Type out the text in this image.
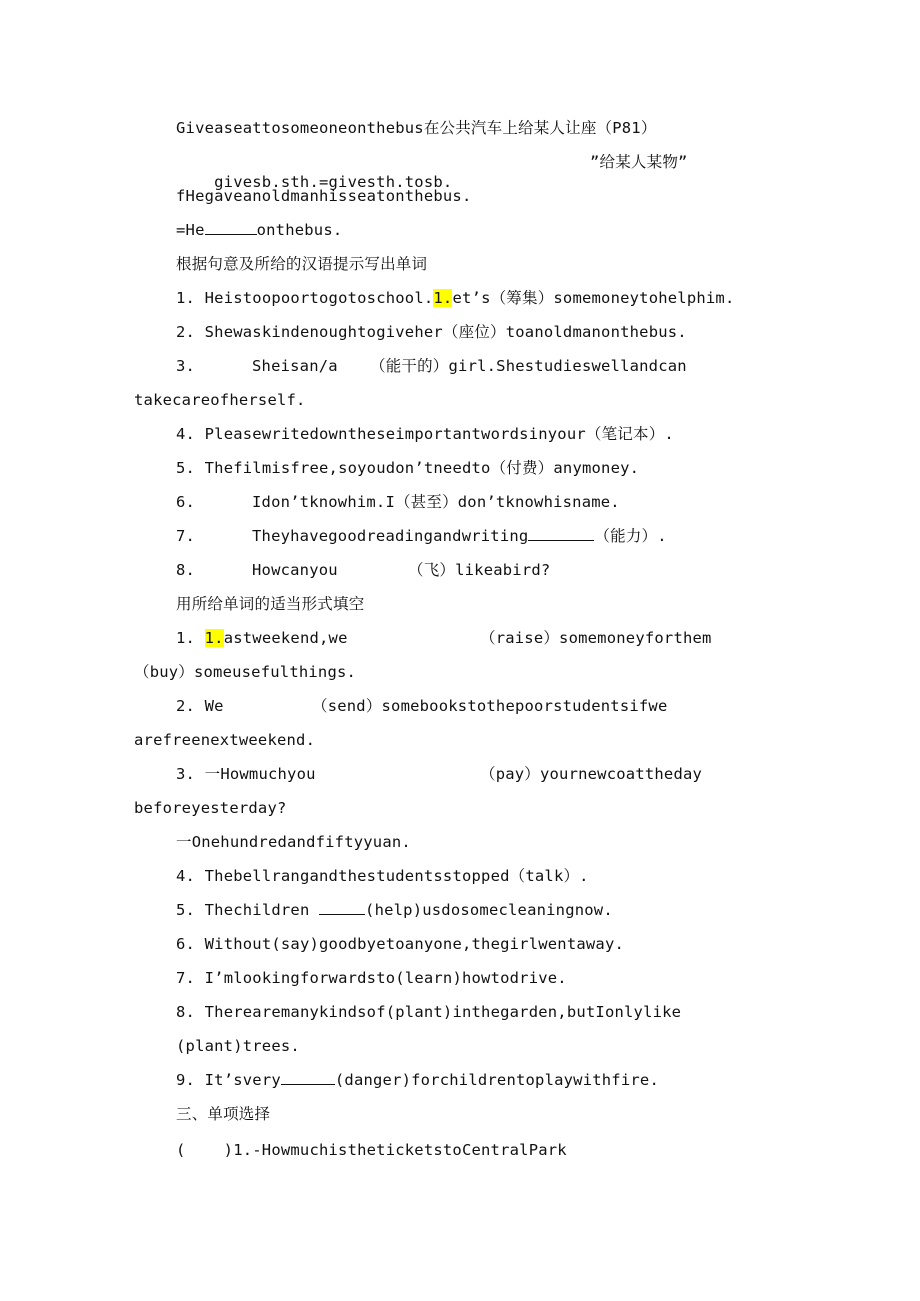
Giveaseattosomeoneonthebus在公共汽车上给某人让座（P81）

givesb.sth.=givesth.tosb.

”给某人某物”
fHegaveanoldmanhisseatonthebus.
=He	onthebus.
根据句意及所给的汉语提示写出单词
1. Heistoopoortogotoschool.1.et’s（筹集）somemoneytohelphim.
2. Shewaskindenoughtogiveher（座位）toanoldmanonthebus.
3.	Sheisan/a （能干的）girl.Shestudieswellandcan
takecareofherself.
4. Pleasewritedowntheseimportantwordsinyour（笔记本）.
5. Thefilmisfree,soyoudon’tneedto（付费）anymoney.
6.	Idon’tknowhim.I（甚至）don’tknowhisname.
7.	Theyhavegoodreadingandwriting	（能力）.
8.	Howcanyou	（飞）likeabird?
用所给单词的适当形式填空
1. 1.astweekend,we	（raise）somemoneyforthem
（buy）someusefulthings.
2. We	（send）somebookstothepoorstudentsifwe
arefreenextweekend.
3. 一Howmuchyou	（pay）yournewcoattheday
beforeyesterday?
一Onehundredandfiftyyuan.
4. Thebellrangandthestudentsstopped（talk）.
5. Thechildren	(help)usdosomecleaningnow.
6. Without(say)goodbyetoanyone,thegirlwentaway.
7. I’mlookingforwardsto(learn)howtodrive.
8. Therearemanykindsof(plant)inthegarden,butIonlylike
(plant)trees.
9. It’svery	(danger)forchildrentoplaywithfire.
三、单项选择
(    )1.-HowmuchistheticketstoCentralPark
